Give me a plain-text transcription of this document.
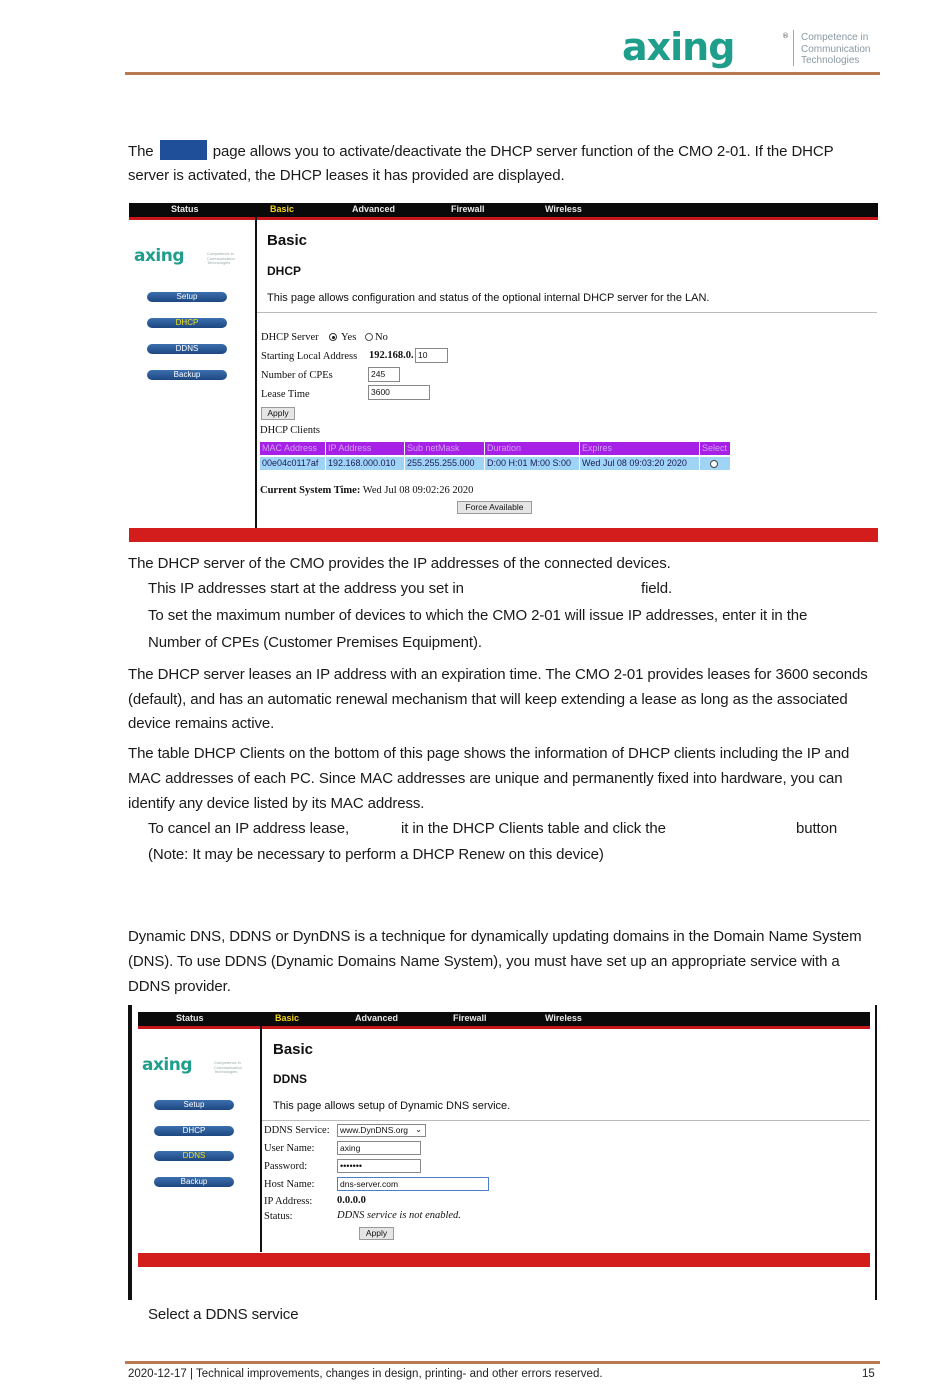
axing	® Competence in
Communication
Technologies
The	page allows you to activate/deactivate the DHCP server function of the CMO 2-01. If the DHCP
server is activated, the DHCP leases it has provided are displayed.
Status	Basic	Advanced	Firewall	Wireless
axing	Competence in
Communication
Technologies
Setup
DHCP
DDNS
Backup
Basic
DHCP
This page allows configuration and status of the optional internal DHCP server for the LAN.
DHCP Server Yes No
Starting Local Address 192.168.0. 10
Number of CPEs	245
Lease Time	3600
Apply
DHCP Clients
MAC Address	IP Address	Sub netMask	Duration	Expires	Select
00e04c0117af	192.168.000.010	255.255.255.000	D:00 H:01 M:00 S:00	Wed Jul 08 09:03:20 2020
Current System Time: Wed Jul 08 09:02:26 2020
Force Available
The DHCP server of the CMO provides the IP addresses of the connected devices.
This IP addresses start at the address you set in	field.
To set the maximum number of devices to which the CMO 2-01 will issue IP addresses, enter it in the
Number of CPEs (Customer Premises Equipment).
The DHCP server leases an IP address with an expiration time. The CMO 2-01 provides leases for 3600 seconds
(default), and has an automatic renewal mechanism that will keep extending a lease as long as the associated
device remains active.
The table DHCP Clients on the bottom of this page shows the information of DHCP clients including the IP and
MAC addresses of each PC. Since MAC addresses are unique and permanently fixed into hardware, you can
identify any device listed by its MAC address.
To cancel an IP address lease,	it in the DHCP Clients table and click the	button
(Note: It may be necessary to perform a DHCP Renew on this device)
Dynamic DNS, DDNS or DynDNS is a technique for dynamically updating domains in the Domain Name System
(DNS). To use DDNS (Dynamic Domains Name System), you must have set up an appropriate service with a
DDNS provider.
Status	Basic	Advanced	Firewall	Wireless
axing	Competence in
Communication
Technologies
Setup
DHCP
DDNS
Backup
Basic
DDNS
This page allows setup of Dynamic DNS service.
DDNS Service:	www.DynDNS.org ⌄
User Name:	axing
Password:	•••••••
Host Name:	dns-server.com
IP Address: 0.0.0.0
Status:	DDNS service is not enabled.
Apply
Select a DDNS service
2020-12-17 | Technical improvements, changes in design, printing- and other errors reserved.	15
